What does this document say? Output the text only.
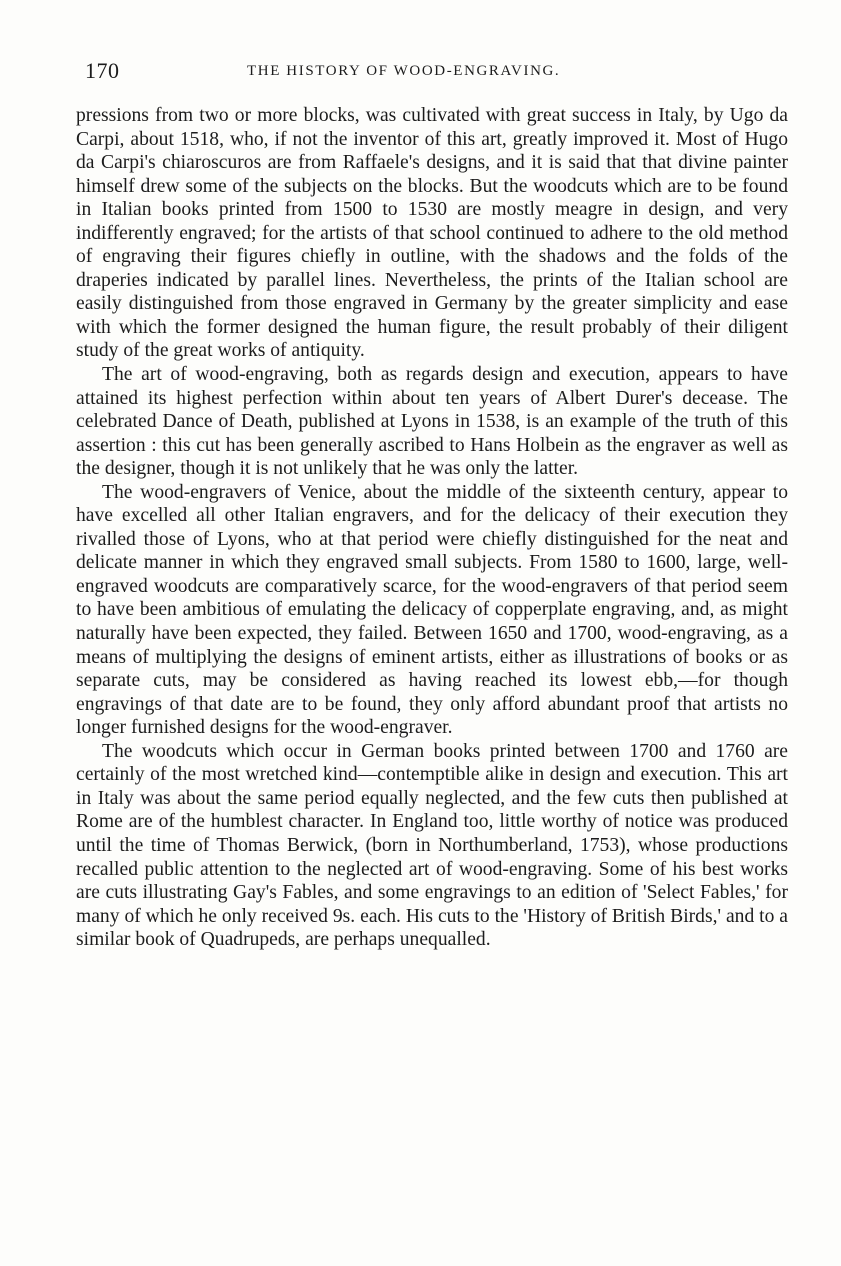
170	THE HISTORY OF WOOD-ENGRAVING.

pressions from two or more blocks, was cultivated with great success in Italy, by Ugo da Carpi, about 1518, who, if not the inventor of this art, greatly improved it. Most of Hugo da Carpi's chiaroscuros are from Raffaele's designs, and it is said that that divine painter himself drew some of the subjects on the blocks. But the woodcuts which are to be found in Italian books printed from 1500 to 1530 are mostly meagre in design, and very indifferently engraved; for the artists of that school continued to adhere to the old method of engraving their figures chiefly in outline, with the shadows and the folds of the draperies indicated by parallel lines. Nevertheless, the prints of the Italian school are easily distinguished from those engraved in Germany by the greater simplicity and ease with which the former designed the human figure, the result probably of their diligent study of the great works of antiquity.

The art of wood-engraving, both as regards design and execution, appears to have attained its highest perfection within about ten years of Albert Durer's decease. The celebrated Dance of Death, published at Lyons in 1538, is an example of the truth of this assertion : this cut has been generally ascribed to Hans Holbein as the engraver as well as the designer, though it is not unlikely that he was only the latter.

The wood-engravers of Venice, about the middle of the sixteenth century, appear to have excelled all other Italian engravers, and for the delicacy of their execution they rivalled those of Lyons, who at that period were chiefly distinguished for the neat and delicate manner in which they engraved small subjects. From 1580 to 1600, large, well-engraved woodcuts are comparatively scarce, for the wood-engravers of that period seem to have been ambitious of emulating the delicacy of copperplate engraving, and, as might naturally have been expected, they failed. Between 1650 and 1700, wood-engraving, as a means of multiplying the designs of eminent artists, either as illustrations of books or as separate cuts, may be considered as having reached its lowest ebb,—for though engravings of that date are to be found, they only afford abundant proof that artists no longer furnished designs for the wood-engraver.

The woodcuts which occur in German books printed between 1700 and 1760 are certainly of the most wretched kind—contemptible alike in design and execution. This art in Italy was about the same period equally neglected, and the few cuts then published at Rome are of the humblest character. In England too, little worthy of notice was produced until the time of Thomas Berwick, (born in Northumberland, 1753), whose productions recalled public attention to the neglected art of wood-engraving. Some of his best works are cuts illustrating Gay's Fables, and some engravings to an edition of 'Select Fables,' for many of which he only received 9s. each. His cuts to the 'History of British Birds,' and to a similar book of Quadrupeds, are perhaps unequalled.
